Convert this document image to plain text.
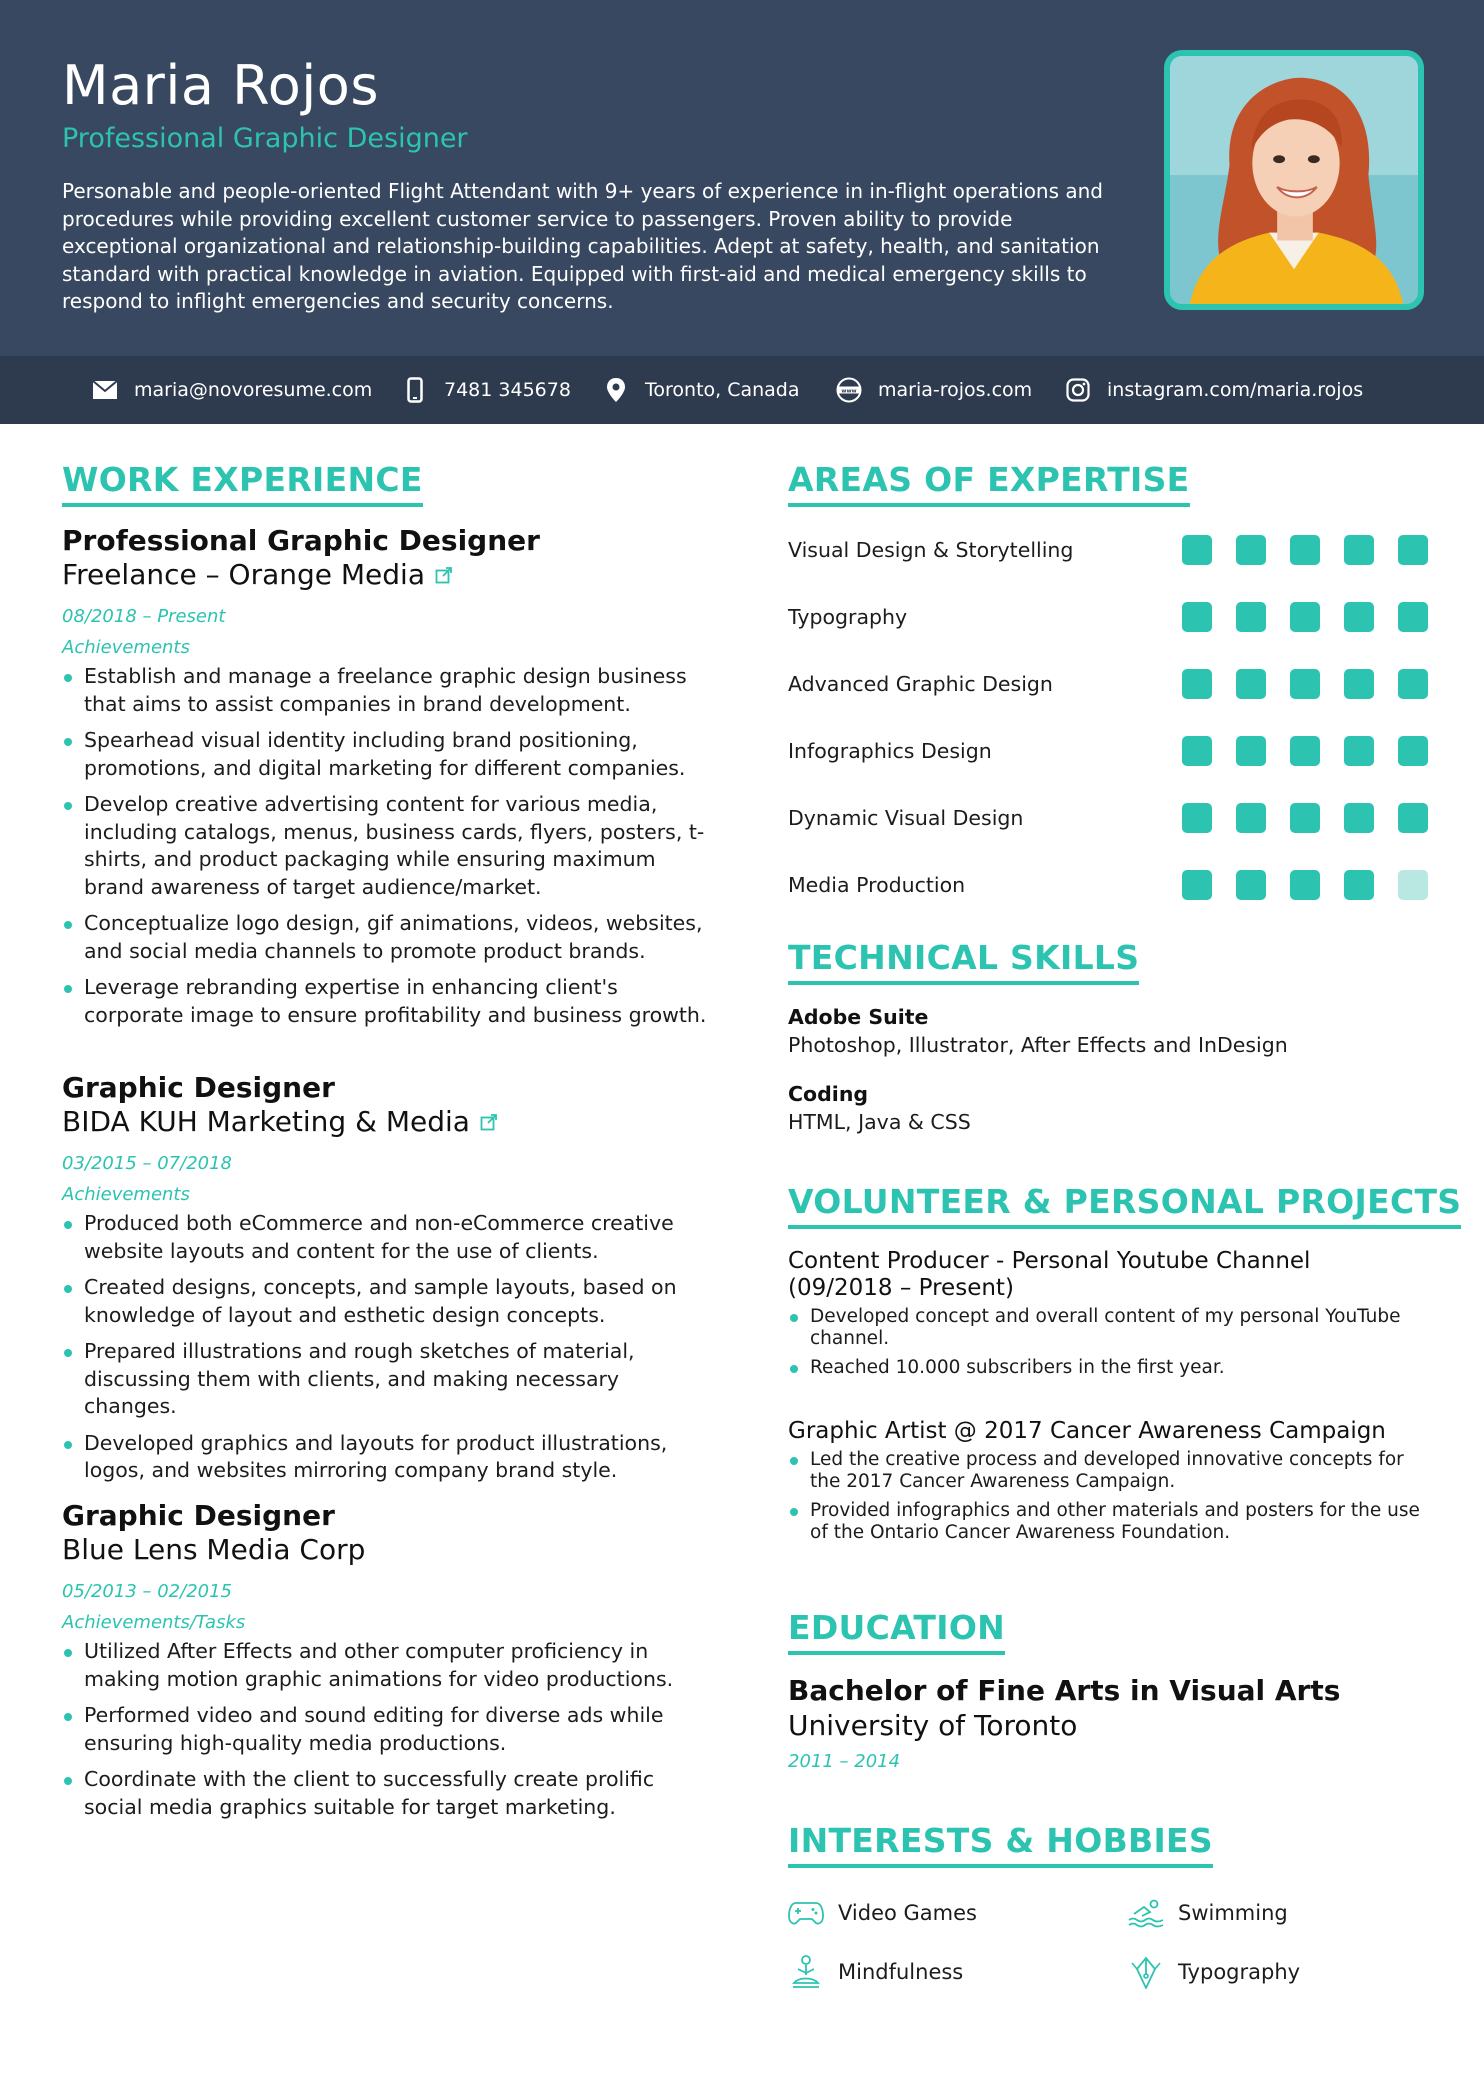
Maria Rojos
Professional Graphic Designer

Personable and people-oriented Flight Attendant with 9+ years of experience in in-flight operations and procedures while providing excellent customer service to passengers. Proven ability to provide exceptional organizational and relationship-building capabilities. Adept at safety, health, and sanitation standard with practical knowledge in aviation. Equipped with first-aid and medical emergency skills to respond to inflight emergencies and security concerns.

maria@novoresume.com	7481 345678	Toronto, Canada	www maria-rojos.com	instagram.com/maria.rojos
WORK EXPERIENCE
Professional Graphic Designer
Freelance – Orange Media
08/2018 – Present
Achievements
Establish and manage a freelance graphic design business that aims to assist companies in brand development.
Spearhead visual identity including brand positioning, promotions, and digital marketing for different companies.
Develop creative advertising content for various media, including catalogs, menus, business cards, flyers, posters, t-shirts, and product packaging while ensuring maximum brand awareness of target audience/market.
Conceptualize logo design, gif animations, videos, websites, and social media channels to promote product brands.
Leverage rebranding expertise in enhancing client's corporate image to ensure profitability and business growth.
Graphic Designer
BIDA KUH Marketing & Media
03/2015 – 07/2018
Achievements
Produced both eCommerce and non-eCommerce creative website layouts and content for the use of clients.
Created designs, concepts, and sample layouts, based on knowledge of layout and esthetic design concepts.
Prepared illustrations and rough sketches of material, discussing them with clients, and making necessary changes.
Developed graphics and layouts for product illustrations, logos, and websites mirroring company brand style.
Graphic Designer
Blue Lens Media Corp
05/2013 – 02/2015
Achievements/Tasks
Utilized After Effects and other computer proficiency in making motion graphic animations for video productions.
Performed video and sound editing for diverse ads while ensuring high-quality media productions.
Coordinate with the client to successfully create prolific social media graphics suitable for target marketing.
AREAS OF EXPERTISE
Visual Design & Storytelling
Typography
Advanced Graphic Design
Infographics Design
Dynamic Visual Design
Media Production
TECHNICAL SKILLS
Adobe Suite
Photoshop, Illustrator, After Effects and InDesign
Coding
HTML, Java & CSS
VOLUNTEER & PERSONAL PROJECTS
Content Producer - Personal Youtube Channel
(09/2018 – Present)
Developed concept and overall content of my personal YouTube channel.
Reached 10.000 subscribers in the first year.
Graphic Artist @ 2017 Cancer Awareness Campaign
Led the creative process and developed innovative concepts for the 2017 Cancer Awareness Campaign.
Provided infographics and other materials and posters for the use of the Ontario Cancer Awareness Foundation.
EDUCATION
Bachelor of Fine Arts in Visual Arts
University of Toronto
2011 – 2014
INTERESTS & HOBBIES
Video Games	Swimming
Mindfulness	Typography
